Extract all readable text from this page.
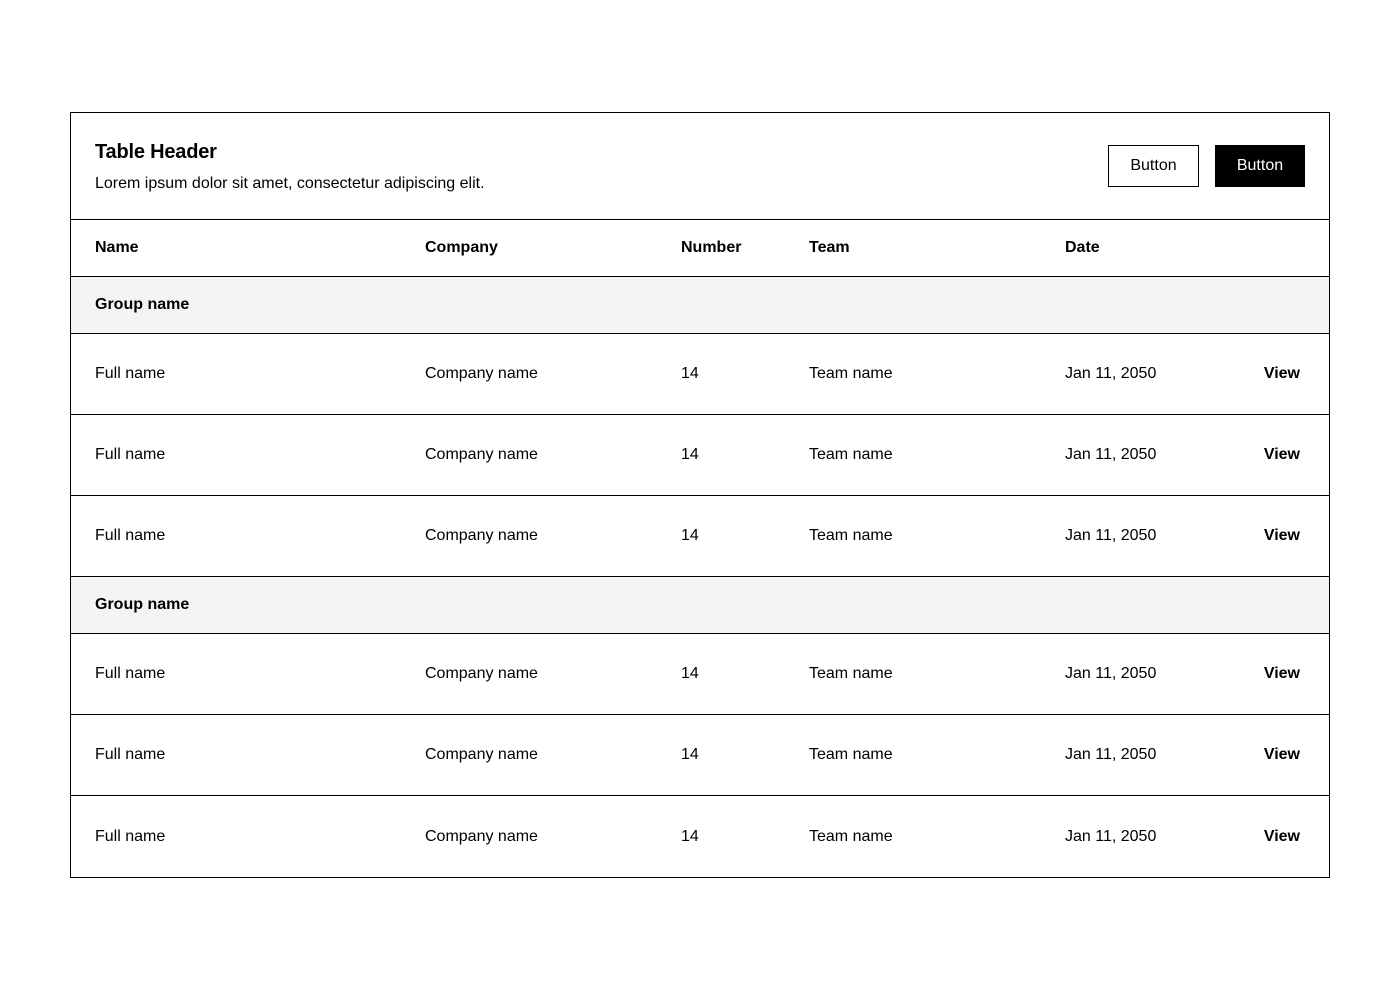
Table Header
Lorem ipsum dolor sit amet, consectetur adipiscing elit.
Button	Button
Name	Company	Number	Team	Date
Group name
Full name	Company name	14	Team name	Jan 11, 2050	View
Full name	Company name	14	Team name	Jan 11, 2050	View
Full name	Company name	14	Team name	Jan 11, 2050	View
Group name
Full name	Company name	14	Team name	Jan 11, 2050	View
Full name	Company name	14	Team name	Jan 11, 2050	View
Full name	Company name	14	Team name	Jan 11, 2050	View
